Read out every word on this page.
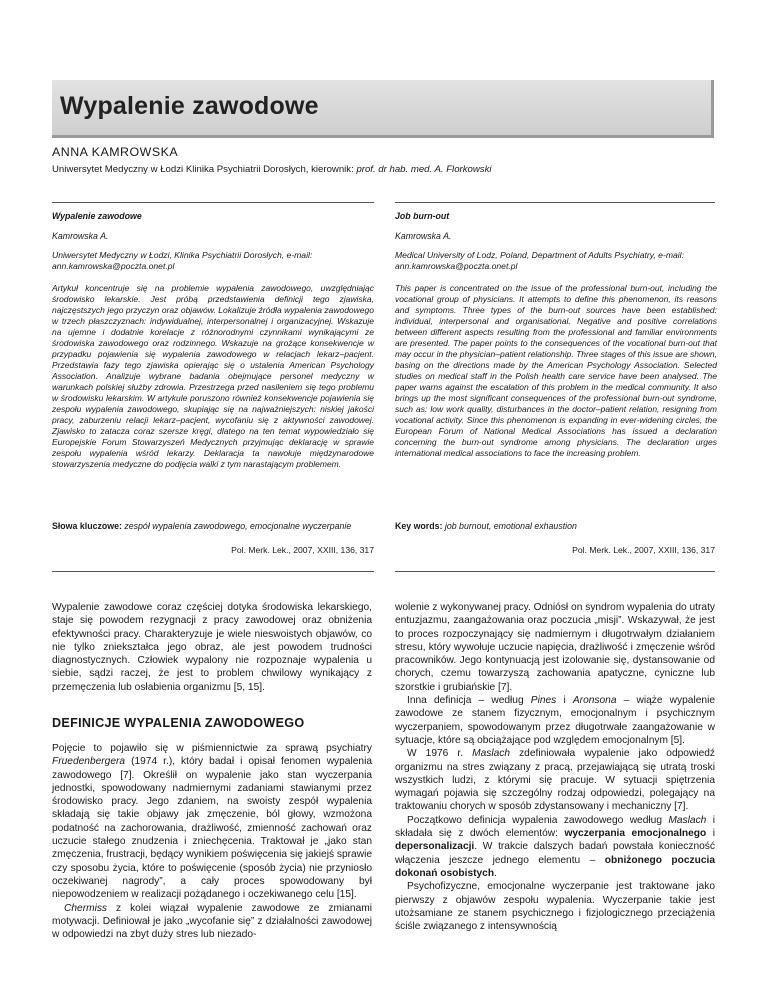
Wypalenie zawodowe
ANNA KAMROWSKA
Uniwersytet Medyczny w Łodzi Klinika Psychiatrii Dorosłych, kierownik: prof. dr hab. med. A. Florkowski
Wypalenie zawodowe
Kamrowska A.
Uniwersytet Medyczny w Łodzi, Klinika Psychiatrii Dorosłych, e-mail: ann.kamrowska@poczta.onet.pl
Artykuł koncentruje się na problemie wypalenia zawodowego, uwzględniając środowisko lekarskie. Jest próbą przedstawienia definicji tego zjawiska, najczęstszych jego przyczyn oraz objawów. Lokalizuje źródła wypalenia zawodowego w trzech płaszczyznach: indywidualnej, interpersonalnej i organizacyjnej. Wskazuje na ujemne i dodatnie korelacje z różnorodnymi czynnikami wynikającymi ze środowiska zawodowego oraz rodzinnego. Wskazuje na grożące konsekwencje w przypadku pojawienia się wypalenia zawodowego w relacjach lekarz–pacjent. Przedstawia fazy tego zjawiska opierając się o ustalenia American Psychology Association. Analizuje wybrane badania obejmujące personel medyczny w warunkach polskiej służby zdrowia. Przestrzega przed nasileniem się tego problemu w środowisku lekarskim. W artykule poruszono również konsekwencje pojawienia się zespołu wypalenia zawodowego, skupiając się na najważniejszych: niskiej jakości pracy, zaburzeniu relacji lekarz–pacjent, wycofaniu się z aktywności zawodowej. Zjawisko to zatacza coraz szersze kręgi, dlatego na ten temat wypowiedziało się Europejskie Forum Stowarzyszeń Medycznych przyjmując deklarację w sprawie zespołu wypalenia wśród lekarzy. Deklaracja ta nawołuje międzynarodowe stowarzyszenia medyczne do podjęcia walki z tym narastającym problemem.
Słowa kluczowe: zespół wypalenia zawodowego, emocjonalne wyczerpanie
Pol. Merk. Lek., 2007, XXIII, 136, 317
Job burn-out
Kamrowska A.
Medical University of Lodz, Poland, Department of Adults Psychiatry, e-mail: ann.kamrowska@poczta.onet.pl
This paper is concentrated on the issue of the professional burn-out, including the vocational group of physicians. It attempts to define this phenomenon, its reasons and symptoms. Three types of the burn-out sources have been established: individual, interpersonal and organisational. Negative and positive correlations between different aspects resulting from the professional and familiar environments are presented. The paper points to the consequences of the vocational burn-out that may occur in the physician–patient relationship. Three stages of this issue are shown, basing on the directions made by the American Psychology Association. Selected studies on medical staff in the Polish health care service have been analysed. The paper warns against the escalation of this problem in the medical community. It also brings up the most significant consequences of the professional burn-out syndrome, such as: low work quality, disturbances in the doctor–patient relation, resigning from vocational activity. Since this phenomenon is expanding in ever-widening circles, the European Forum of National Medical Associations has issued a declaration concerning the burn-out syndrome among physicians. The declaration urges international medical associations to face the increasing problem.
Key words: job burnout, emotional exhaustion
Pol. Merk. Lek., 2007, XXIII, 136, 317

Wypalenie zawodowe coraz częściej dotyka środowiska lekarskiego, staje się powodem rezygnacji z pracy zawodowej oraz obniżenia efektywności pracy. Charakteryzuje je wiele nieswoistych objawów, co nie tylko zniekształca jego obraz, ale jest powodem trudności diagnostycznych. Człowiek wypalony nie rozpoznaje wypalenia u siebie, sądzi raczej, że jest to problem chwilowy wynikający z przemęczenia lub osłabienia organizmu [5, 15].

DEFINICJE WYPALENIA ZAWODOWEGO

Pojęcie to pojawiło się w piśmiennictwie za sprawą psychiatry Fruedenbergera (1974 r.), który badał i opisał fenomen wypalenia zawodowego [7]. Określił on wypalenie jako stan wyczerpania jednostki, spowodowany nadmiernymi zadaniami stawianymi przez środowisko pracy. Jego zdaniem, na swoisty zespół wypalenia składają się takie objawy jak zmęczenie, ból głowy, wzmożona podatność na zachorowania, drażliwość, zmienność zachowań oraz uczucie stałego znudzenia i zniechęcenia. Traktował je „jako stan zmęczenia, frustracji, będący wynikiem poświęcenia się jakiejś sprawie czy sposobu życia, które to poświęcenie (sposób życia) nie przyniosło oczekiwanej nagrody”, a cały proces spowodowany był niepowodzeniem w realizacji pożądanego i oczekiwanego celu [15].

Chermiss z kolei wiązał wypalenie zawodowe ze zmianami motywacji. Definiował je jako „wycofanie się” z działalności zawodowej w odpowiedzi na zbyt duży stres lub niezado-

wolenie z wykonywanej pracy. Odniósł on syndrom wypalenia do utraty entuzjazmu, zaangażowania oraz poczucia „misji”. Wskazywał, że jest to proces rozpoczynający się nadmiernym i długotrwałym działaniem stresu, który wywołuje uczucie napięcia, drażliwość i zmęczenie wśród pracowników. Jego kontynuacją jest izolowanie się, dystansowanie od chorych, czemu towarzyszą zachowania apatyczne, cyniczne lub szorstkie i grubiańskie [7].

Inna definicja – według Pines i Aronsona – wiąże wypalenie zawodowe ze stanem fizycznym, emocjonalnym i psychicznym wyczerpaniem, spowodowanym przez długotrwałe zaangażowanie w sytuacje, które są obciążające pod względem emocjonalnym [5].

W 1976 r. Maslach zdefiniowała wypalenie jako odpowiedź organizmu na stres związany z pracą, przejawiającą się utratą troski wszystkich ludzi, z którymi się pracuje. W sytuacji spiętrzenia wymagań pojawia się szczególny rodzaj odpowiedzi, polegający na traktowaniu chorych w sposób zdystansowany i mechaniczny [7].

Początkowo definicja wypalenia zawodowego według Maslach i składała się z dwóch elementów: wyczerpania emocjonalnego i depersonalizacji. W trakcie dalszych badań powstała konieczność włączenia jeszcze jednego elementu – obniżonego poczucia dokonań osobistych.

Psychofizyczne, emocjonalne wyczerpanie jest traktowane jako pierwszy z objawów zespołu wypalenia. Wyczerpanie takie jest utożsamiane ze stanem psychicznego i fizjologicznego przeciążenia ściśle związanego z intensywnością
